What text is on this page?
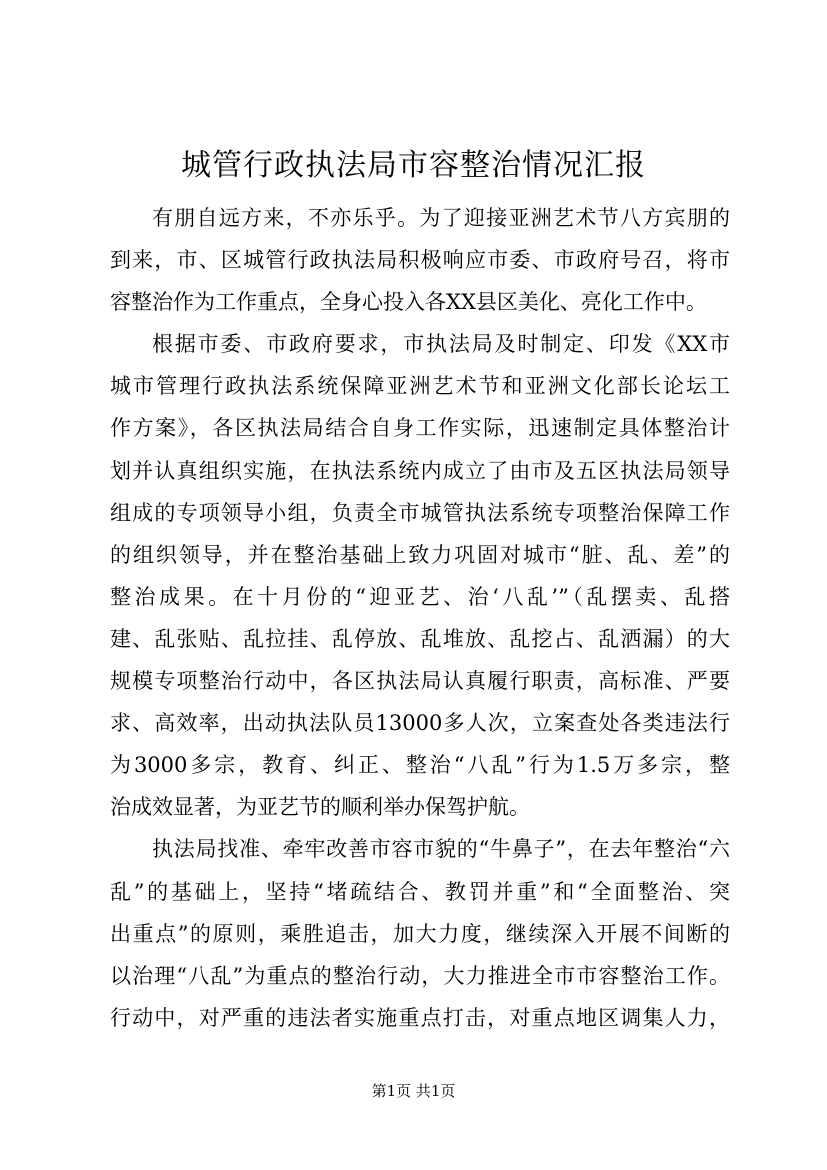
城管行政执法局市容整治情况汇报
有朋自远方来，不亦乐乎。为了迎接亚洲艺术节八方宾朋的
到来，市、区城管行政执法局积极响应市委、市政府号召，将市
容整治作为工作重点，全身心投入各XX县区美化、亮化工作中。
根据市委、市政府要求，市执法局及时制定、印发《XX市
城市管理行政执法系统保障亚洲艺术节和亚洲文化部长论坛工
作方案》，各区执法局结合自身工作实际，迅速制定具体整治计
划并认真组织实施，在执法系统内成立了由市及五区执法局领导
组成的专项领导小组，负责全市城管执法系统专项整治保障工作
的组织领导，并在整治基础上致力巩固对城市“脏、乱、差”的
整治成果。在十月份的“迎亚艺、治‘八乱’”（乱摆卖、乱搭
建、乱张贴、乱拉挂、乱停放、乱堆放、乱挖占、乱洒漏）的大
规模专项整治行动中，各区执法局认真履行职责，高标准、严要
求、高效率，出动执法队员13000多人次，立案查处各类违法行
为3000多宗，教育、纠正、整治“八乱”行为1.5万多宗，整
治成效显著，为亚艺节的顺利举办保驾护航。
执法局找准、牵牢改善市容市貌的“牛鼻子”，在去年整治“六
乱”的基础上，坚持“堵疏结合、教罚并重”和“全面整治、突
出重点”的原则，乘胜追击，加大力度，继续深入开展不间断的
以治理“八乱”为重点的整治行动，大力推进全市市容整治工作。
行动中，对严重的违法者实施重点打击，对重点地区调集人力，
第1页 共1页
